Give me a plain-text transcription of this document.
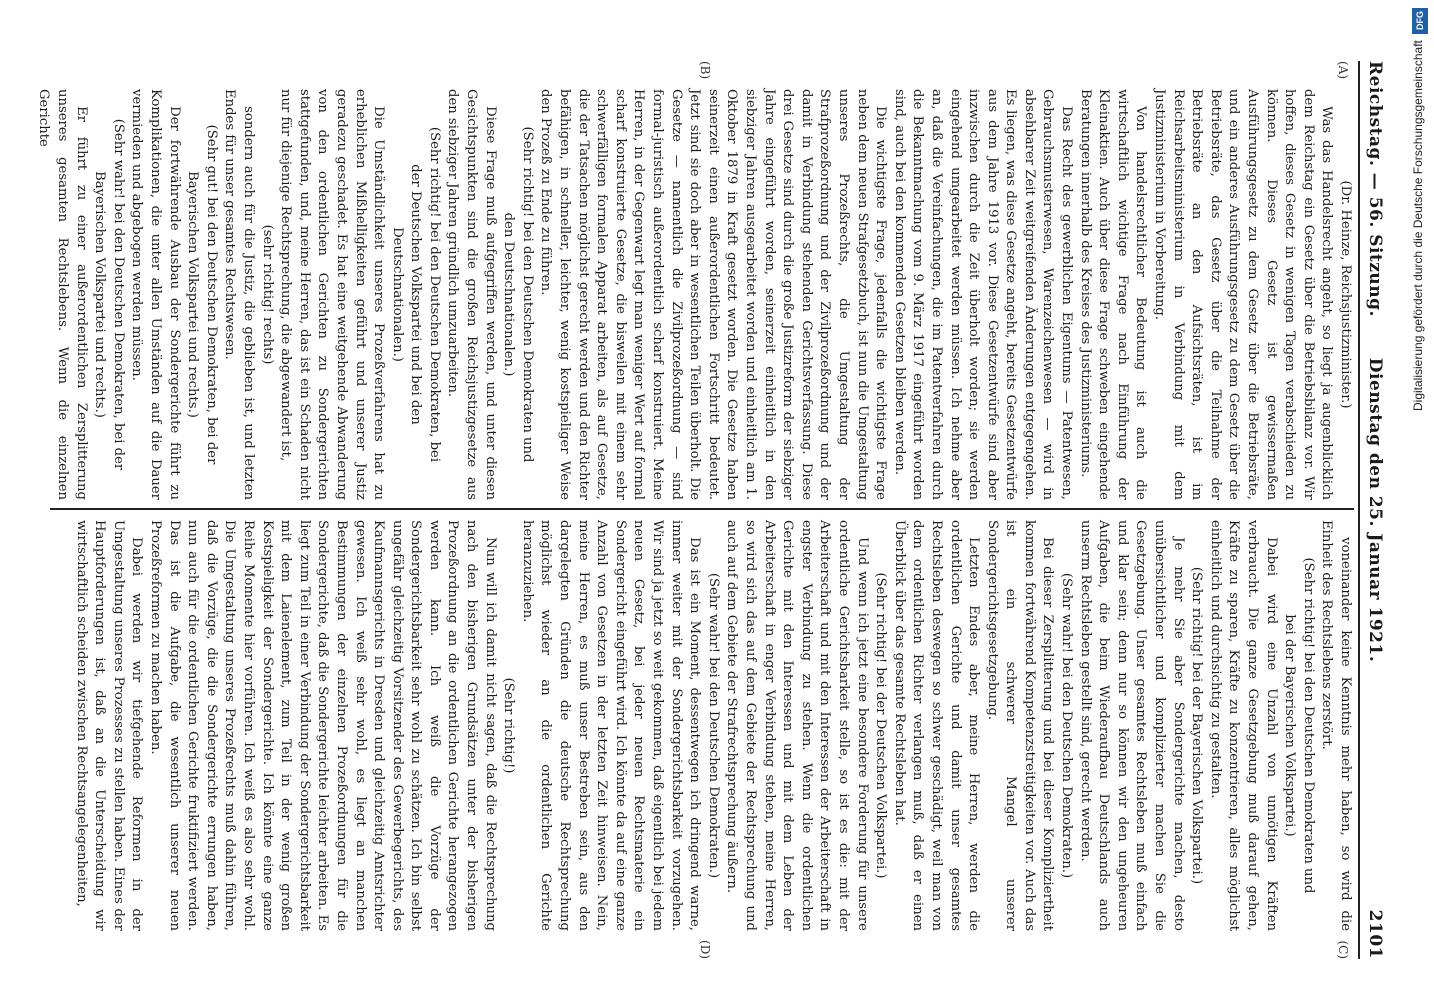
Reichstag. — 56. Sitzung.
Dienstag den 25. Januar 1921.
2101
(A)
(B)

(Dr. Heinze, Reichsjustizminister.)

Was das Handelsrecht angeht, so liegt ja augenblicklich dem Reichstag ein Gesetz über die Betriebsbilanz vor. Wir hoffen, dieses Gesetz in wenigen Tagen verabschieden zu können. Dieses Gesetz ist gewissermaßen Ausführungsgesetz zu dem Gesetz über die Betriebsräte, und ein anderes Ausführungsgesetz zu dem Gesetz über die Betriebsräte, das Gesetz über die Teilnahme der Betriebsräte an den Aufsichtsräten, ist im Reichsarbeitsministerium in Verbindung mit dem Justizministerium in Vorbereitung.

Von handelsrechtlicher Bedeutung ist auch die wirtschaftlich wichtige Frage nach Einführung der Kleinaktien. Auch über diese Frage schweben eingehende Beratungen innerhalb des Kreises des Justizministeriums.

Das Recht des gewerblichen Eigentums — Patentwesen, Gebrauchsmusterwesen, Warenzeichenwesen — wird in absehbarer Zeit weitgreifenden Änderungen entgegengehen. Es liegen, was diese Gesetze angeht, bereits Gesetzentwürfe aus dem Jahre 1913 vor. Diese Gesetzentwürfe sind aber inzwischen durch die Zeit überholt worden; sie werden eingehend umgearbeitet werden müssen. Ich nehme aber an, daß die Vereinfachungen, die im Patentverfahren durch die Bekanntmachung vom 9. März 1917 eingeführt worden sind, auch bei den kommenden Gesetzen bleiben werden.

Die wichtigste Frage, jedenfalls die wichtigste Frage neben dem neuen Strafgesetzbuch, ist nun die Umgestaltung unseres Prozeßrechts, die Umgestaltung der Strafprozeßordnung und der Zivilprozeßordnung und der damit in Verbindung stehenden Gerichtsverfassung. Diese drei Gesetze sind durch die große Justizreform der siebziger Jahre eingeführt worden, seinerzeit einheitlich in den siebziger Jahren ausgearbeitet worden und einheitlich am 1. Oktober 1879 in Kraft gesetzt worden. Die Gesetze haben seinerzeit einen außerordentlichen Fortschritt bedeutet. Jetzt sind sie doch aber in wesentlichen Teilen überholt. Die Gesetze — namentlich die Zivilprozeßordnung — sind formal-juristisch außerordentlich scharf konstruiert. Meine Herren, in der Gegenwart legt man weniger Wert auf formal scharf konstruierte Gesetze, die bisweilen mit einem sehr schwerfälligen formalen Apparat arbeiten, als auf Gesetze, die der Tatsachen möglichst gerecht werden und den Richter befähigen, in schneller, leichter, wenig kostspieliger Weise den Prozeß zu Ende zu führen.

(Sehr richtig! bei den Deutschen Demokraten und den Deutschnationalen.)

Diese Frage muß aufgegriffen werden, und unter diesen Gesichtspunkten sind die großen Reichsjustizgesetze aus den siebziger Jahren gründlich umzuarbeiten.

(Sehr richtig! bei den Deutschen Demokraten, bei der Deutschen Volkspartei und bei den Deutschnationalen.)

Die Umständlichkeit unseres Prozeßverfahrens hat zu erheblichen Mißhelligkeiten geführt und unserer Justiz geradezu geschadet. Es hat eine weitgehende Abwanderung von den ordentlichen Gerichten zu Sondergerichten stattgefunden, und, meine Herren, das ist ein Schaden nicht nur für diejenige Rechtsprechung, die abgewandert ist,

(sehr richtig! rechts)

sondern auch für die Justiz, die geblieben ist, und letzten Endes für unser gesamtes Rechtswesen.

(Sehr gut! bei den Deutschen Demokraten, bei der Bayerischen Volkspartei und rechts.)

Der fortwährende Ausbau der Sondergerichte führt zu Komplikationen, die unter allen Umständen auf die Dauer vermieden und abgebogen werden müssen.

(Sehr wahr! bei den Deutschen Demokraten, bei der Bayerischen Volkspartei und rechts.)

Er führt zu einer außerordentlichen Zersplitterung unseres gesamten Rechtslebens. Wenn die einzelnen Gerichte

(C)
(D)

voneinander keine Kenntnis mehr haben, so wird die Einheit des Rechtslebens zerstört.

(Sehr richtig! bei den Deutschen Demokraten und bei der Bayerischen Volkspartei.)

Dabei wird eine Unzahl von unnötigen Kräften verbraucht. Die ganze Gesetzgebung muß darauf gehen, Kräfte zu sparen, Kräfte zu konzentrieren, alles möglichst einheitlich und durchsichtig zu gestalten.

(Sehr richtig! bei der Bayerischen Volkspartei.)

Je mehr Sie aber Sondergerichte machen, desto unübersichtlicher und komplizierter machen Sie die Gesetzgebung. Unser gesamtes Rechtsleben muß einfach und klar sein; denn nur so können wir den ungeheuren Aufgaben, die beim Wiederaufbau Deutschlands auch unserm Rechtsleben gestellt sind, gerecht werden.

(Sehr wahr! bei den Deutschen Demokraten.)

Bei dieser Zersplitterung und bei dieser Kompliziertheit kommen fortwährend Kompetenzstreitigkeiten vor. Auch das ist ein schwerer Mangel unserer Sondergerichtsgesetzgebung.

Letzten Endes aber, meine Herren, werden die ordentlichen Gerichte und damit unser gesamtes Rechtsleben deswegen so schwer geschädigt, weil man von dem ordentlichen Richter verlangen muß, daß er einen Überblick über das gesamte Rechtsleben hat.

(Sehr richtig! bei der Deutschen Volkspartei.)

Und wenn ich jetzt eine besondere Forderung für unsere ordentliche Gerichtsbarkeit stelle, so ist es die: mit der Arbeiterschaft und mit den Interessen der Arbeiterschaft in engster Verbindung zu stehen. Wenn die ordentlichen Gerichte mit den Interessen und mit dem Leben der Arbeiterschaft in enger Verbindung stehen, meine Herren, so wird sich das auf dem Gebiete der Rechtsprechung und auch auf dem Gebiete der Strafrechtsprechung äußern.

(Sehr wahr! bei den Deutschen Demokraten.)

Das ist ein Moment, dessentwegen ich dringend warne, immer weiter mit der Sondergerichtsbarkeit vorzugehen. Wir sind ja jetzt so weit gekommen, daß eigentlich bei jedem neuen Gesetz, bei jeder neuen Rechtsmaterie ein Sondergericht eingeführt wird. Ich könnte da auf eine ganze Anzahl von Gesetzen in der letzten Zeit hinweisen. Nein, meine Herren, es muß unser Bestreben sein, aus den dargelegten Gründen die deutsche Rechtsprechung möglichst wieder an die ordentlichen Gerichte heranzuziehen.

(Sehr richtig!)

Nun will ich damit nicht sagen, daß die Rechtsprechung nach den bisherigen Grundsätzen unter der bisherigen Prozeßordnung an die ordentlichen Gerichte herangezogen werden kann. Ich weiß die Vorzüge der Sondergerichtsbarkeit sehr wohl zu schätzen. Ich bin selbst ungefähr gleichzeitig Vorsitzender des Gewerbegerichts, des Kaufmannsgerichts in Dresden und gleichzeitig Amtsrichter gewesen. Ich weiß sehr wohl, es liegt an manchen Bestimmungen der einzelnen Prozeßordnungen für die Sondergerichte, daß die Sondergerichte leichter arbeiten. Es liegt zum Teil in einer Verbindung der Sondergerichtsbarkeit mit dem Laienelement, zum Teil in der wenig großen Kostspieligkeit der Sondergerichte. Ich könnte eine ganze Reihe Momente hier vorführen. Ich weiß es also sehr wohl. Die Umgestaltung unseres Prozeßrechts muß dahin führen, daß die Vorzüge, die die Sondergerichte errungen haben, nun auch für die ordentlichen Gerichte fruktifiziert werden. Das ist die Aufgabe, die wesentlich unserer neuen Prozeßreformen zu machen haben.

Dabei werden wir tiefgehende Reformen in der Umgestaltung unseres Prozesses zu stellen haben. Eines der Hauptforderungen ist, daß an die Unterscheidung wir wirtschaftlich scheiden zwischen Rechtsangelegenheiten,

DFG
Digitalisierung gefördert durch die Deutsche Forschungsgemeinschaft
